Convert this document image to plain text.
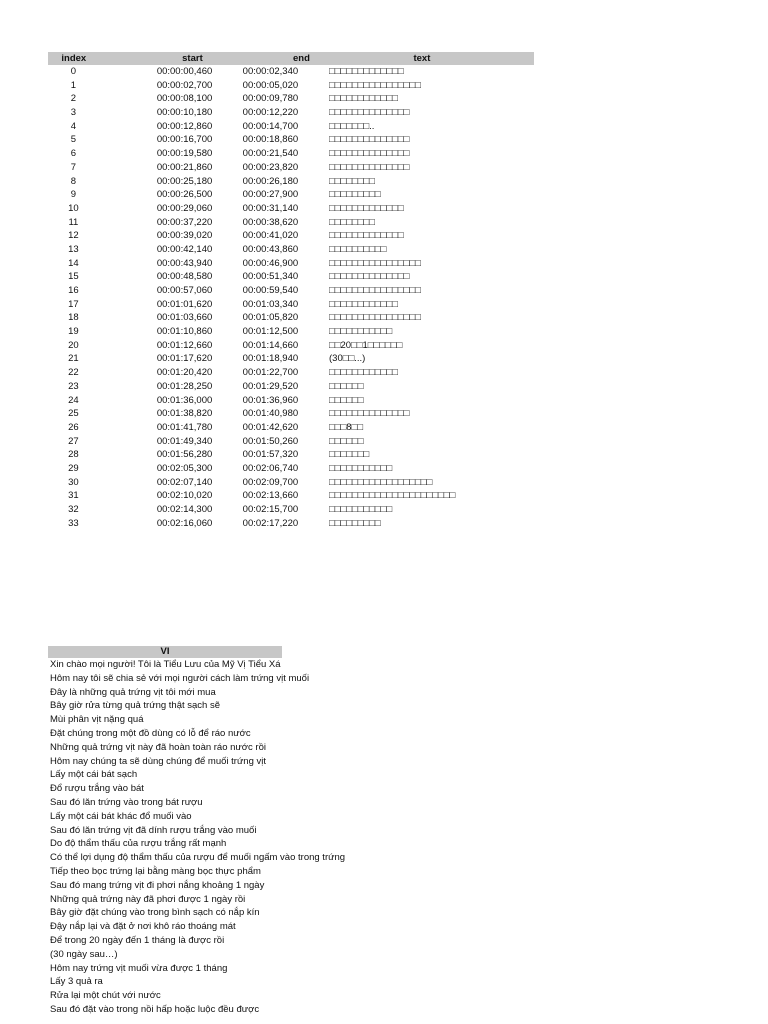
index	start	end	text
0	00:00:00,460	00:00:02,340	□□□□□□□□□□□□□
1	00:00:02,700	00:00:05,020	□□□□□□□□□□□□□□□□
2	00:00:08,100	00:00:09,780	□□□□□□□□□□□□
3	00:00:10,180	00:00:12,220	□□□□□□□□□□□□□□
4	00:00:12,860	00:00:14,700	□□□□□□□..
5	00:00:16,700	00:00:18,860	□□□□□□□□□□□□□□
6	00:00:19,580	00:00:21,540	□□□□□□□□□□□□□□
7	00:00:21,860	00:00:23,820	□□□□□□□□□□□□□□
8	00:00:25,180	00:00:26,180	□□□□□□□□
9	00:00:26,500	00:00:27,900	□□□□□□□□□
10	00:00:29,060	00:00:31,140	□□□□□□□□□□□□□
11	00:00:37,220	00:00:38,620	□□□□□□□□
12	00:00:39,020	00:00:41,020	□□□□□□□□□□□□□
13	00:00:42,140	00:00:43,860	□□□□□□□□□□
14	00:00:43,940	00:00:46,900	□□□□□□□□□□□□□□□□
15	00:00:48,580	00:00:51,340	□□□□□□□□□□□□□□
16	00:00:57,060	00:00:59,540	□□□□□□□□□□□□□□□□
17	00:01:01,620	00:01:03,340	□□□□□□□□□□□□
18	00:01:03,660	00:01:05,820	□□□□□□□□□□□□□□□□
19	00:01:10,860	00:01:12,500	□□□□□□□□□□□
20	00:01:12,660	00:01:14,660	□□20□□1□□□□□□
21	00:01:17,620	00:01:18,940	(30□□...)
22	00:01:20,420	00:01:22,700	□□□□□□□□□□□□
23	00:01:28,250	00:01:29,520	□□□□□□
24	00:01:36,000	00:01:36,960	□□□□□□
25	00:01:38,820	00:01:40,980	□□□□□□□□□□□□□□
26	00:01:41,780	00:01:42,620	□□□8□□
27	00:01:49,340	00:01:50,260	□□□□□□
28	00:01:56,280	00:01:57,320	□□□□□□□
29	00:02:05,300	00:02:06,740	□□□□□□□□□□□
30	00:02:07,140	00:02:09,700	□□□□□□□□□□□□□□□□□□
31	00:02:10,020	00:02:13,660	□□□□□□□□□□□□□□□□□□□□□□
32	00:02:14,300	00:02:15,700	□□□□□□□□□□□
33	00:02:16,060	00:02:17,220	□□□□□□□□□
VI
Xin chào mọi người! Tôi là Tiểu Lưu của Mỹ Vị Tiểu Xá
Hôm nay tôi sẽ chia sẻ với mọi người cách làm trứng vịt muối
Đây là những quả trứng vịt tôi mới mua
Bây giờ rửa từng quả trứng thật sạch sẽ
Mùi phân vịt nặng quá
Đặt chúng trong một đồ dùng có lỗ để ráo nước
Những quả trứng vịt này đã hoàn toàn ráo nước rồi
Hôm nay chúng ta sẽ dùng chúng để muối trứng vịt
Lấy một cái bát sạch
Đổ rượu trắng vào bát
Sau đó lăn trứng vào trong bát rượu
Lấy một cái bát khác đổ muối vào
Sau đó lăn trứng vịt đã dính rượu trắng vào muối
Do độ thẩm thấu của rượu trắng rất mạnh
Có thể lợi dụng độ thẩm thấu của rượu để muối ngấm vào trong trứng
Tiếp theo bọc trứng lại bằng màng bọc thực phẩm
Sau đó mang trứng vịt đi phơi nắng khoảng 1 ngày
Những quả trứng này đã phơi được 1 ngày rồi
Bây giờ đặt chúng vào trong bình sạch có nắp kín
Đậy nắp lại và đặt ở nơi khô ráo thoáng mát
Để trong 20 ngày đến 1 tháng là được rồi
(30 ngày sau…)
Hôm nay trứng vịt muối vừa được 1 tháng
Lấy 3 quả ra
Rửa lại một chút với nước
Sau đó đặt vào trong nồi hấp hoặc luộc đều được
